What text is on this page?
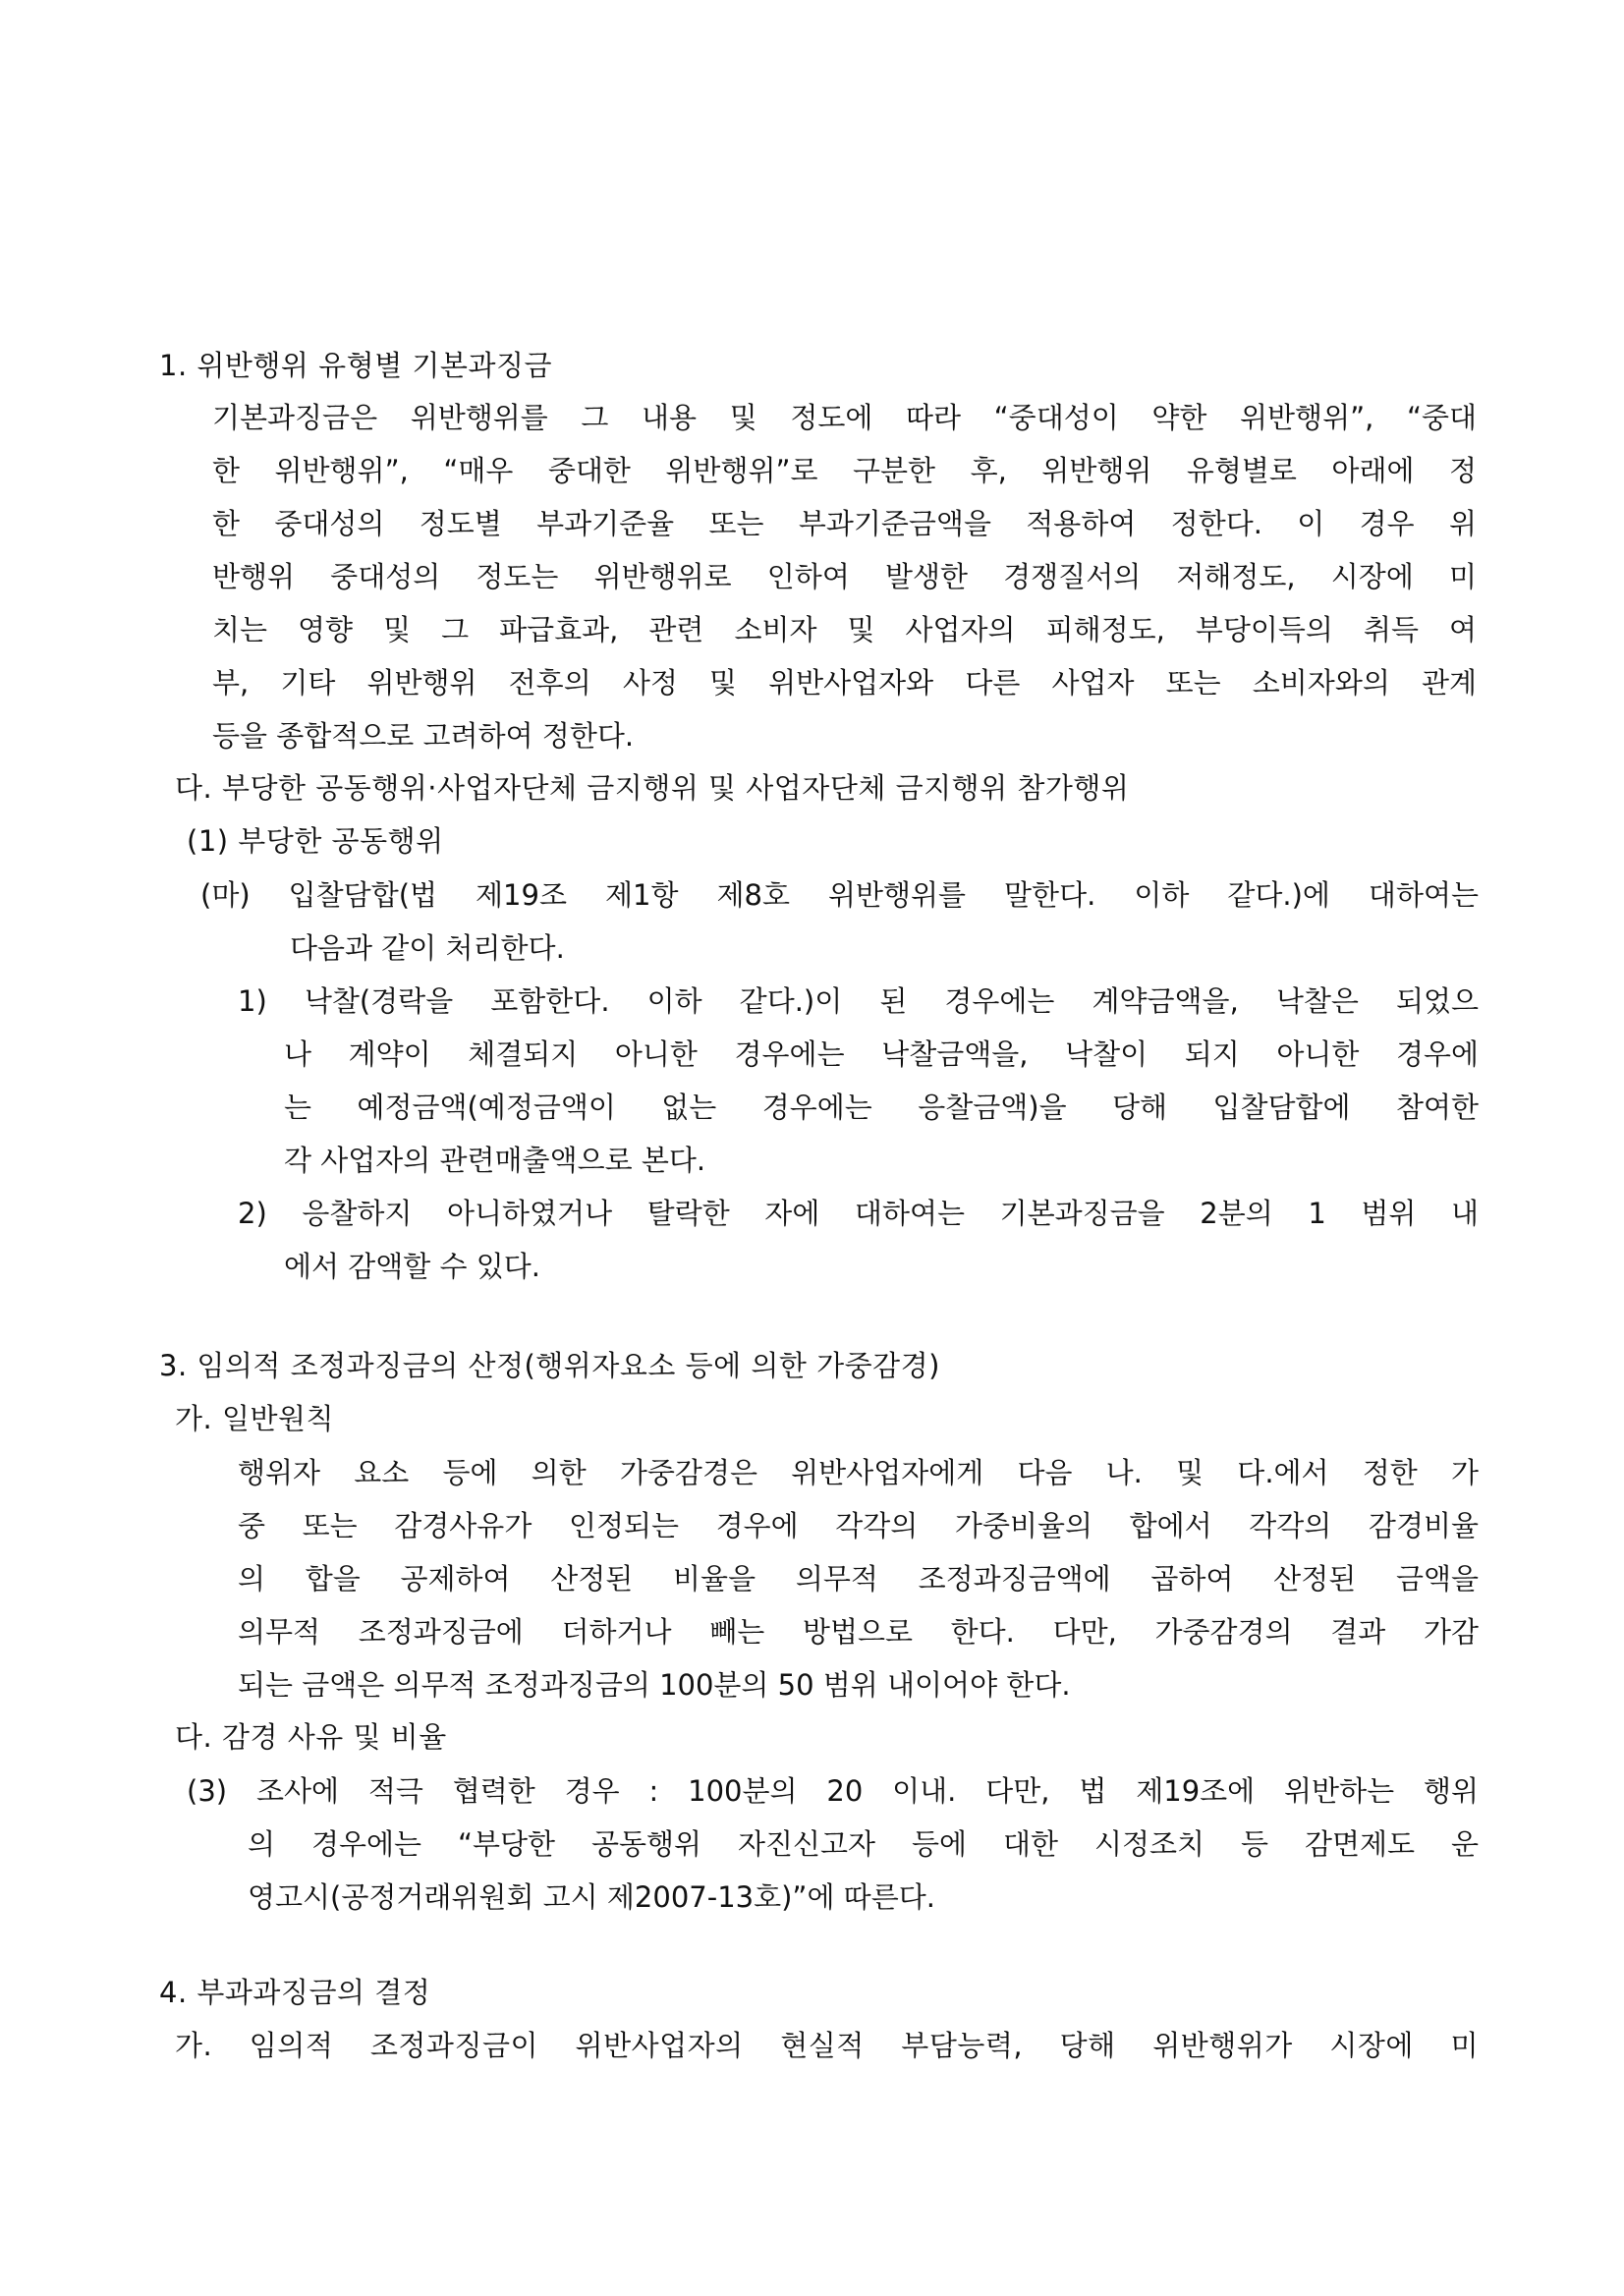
1. 위반행위 유형별 기본과징금
기본과징금은 위반행위를 그 내용 및 정도에 따라 “중대성이 약한 위반행위”, “중대
한 위반행위”, “매우 중대한 위반행위”로 구분한 후, 위반행위 유형별로 아래에 정
한 중대성의 정도별 부과기준율 또는 부과기준금액을 적용하여 정한다. 이 경우 위
반행위 중대성의 정도는 위반행위로 인하여 발생한 경쟁질서의 저해정도, 시장에 미
치는 영향 및 그 파급효과, 관련 소비자 및 사업자의 피해정도, 부당이득의 취득 여
부, 기타 위반행위 전후의 사정 및 위반사업자와 다른 사업자 또는 소비자와의 관계
등을 종합적으로 고려하여 정한다.
다. 부당한 공동행위·사업자단체 금지행위 및 사업자단체 금지행위 참가행위
(1) 부당한 공동행위
(마) 입찰담합(법 제19조 제1항 제8호 위반행위를 말한다. 이하 같다.)에 대하여는
다음과 같이 처리한다.
1) 낙찰(경락을 포함한다. 이하 같다.)이 된 경우에는 계약금액을, 낙찰은 되었으
나 계약이 체결되지 아니한 경우에는 낙찰금액을, 낙찰이 되지 아니한 경우에
는 예정금액(예정금액이 없는 경우에는 응찰금액)을 당해 입찰담합에 참여한
각 사업자의 관련매출액으로 본다.
2) 응찰하지 아니하였거나 탈락한 자에 대하여는 기본과징금을 2분의 1 범위 내
에서 감액할 수 있다.
3. 임의적 조정과징금의 산정(행위자요소 등에 의한 가중감경)
가. 일반원칙
행위자 요소 등에 의한 가중감경은 위반사업자에게 다음 나. 및 다.에서 정한 가
중 또는 감경사유가 인정되는 경우에 각각의 가중비율의 합에서 각각의 감경비율
의 합을 공제하여 산정된 비율을 의무적 조정과징금액에 곱하여 산정된 금액을
의무적 조정과징금에 더하거나 빼는 방법으로 한다. 다만, 가중감경의 결과 가감
되는 금액은 의무적 조정과징금의 100분의 50 범위 내이어야 한다.
다. 감경 사유 및 비율
(3) 조사에 적극 협력한 경우 : 100분의 20 이내. 다만, 법 제19조에 위반하는 행위
의 경우에는 “부당한 공동행위 자진신고자 등에 대한 시정조치 등 감면제도 운
영고시(공정거래위원회 고시 제2007-13호)”에 따른다.
4. 부과과징금의 결정
가. 임의적 조정과징금이 위반사업자의 현실적 부담능력, 당해 위반행위가 시장에 미
